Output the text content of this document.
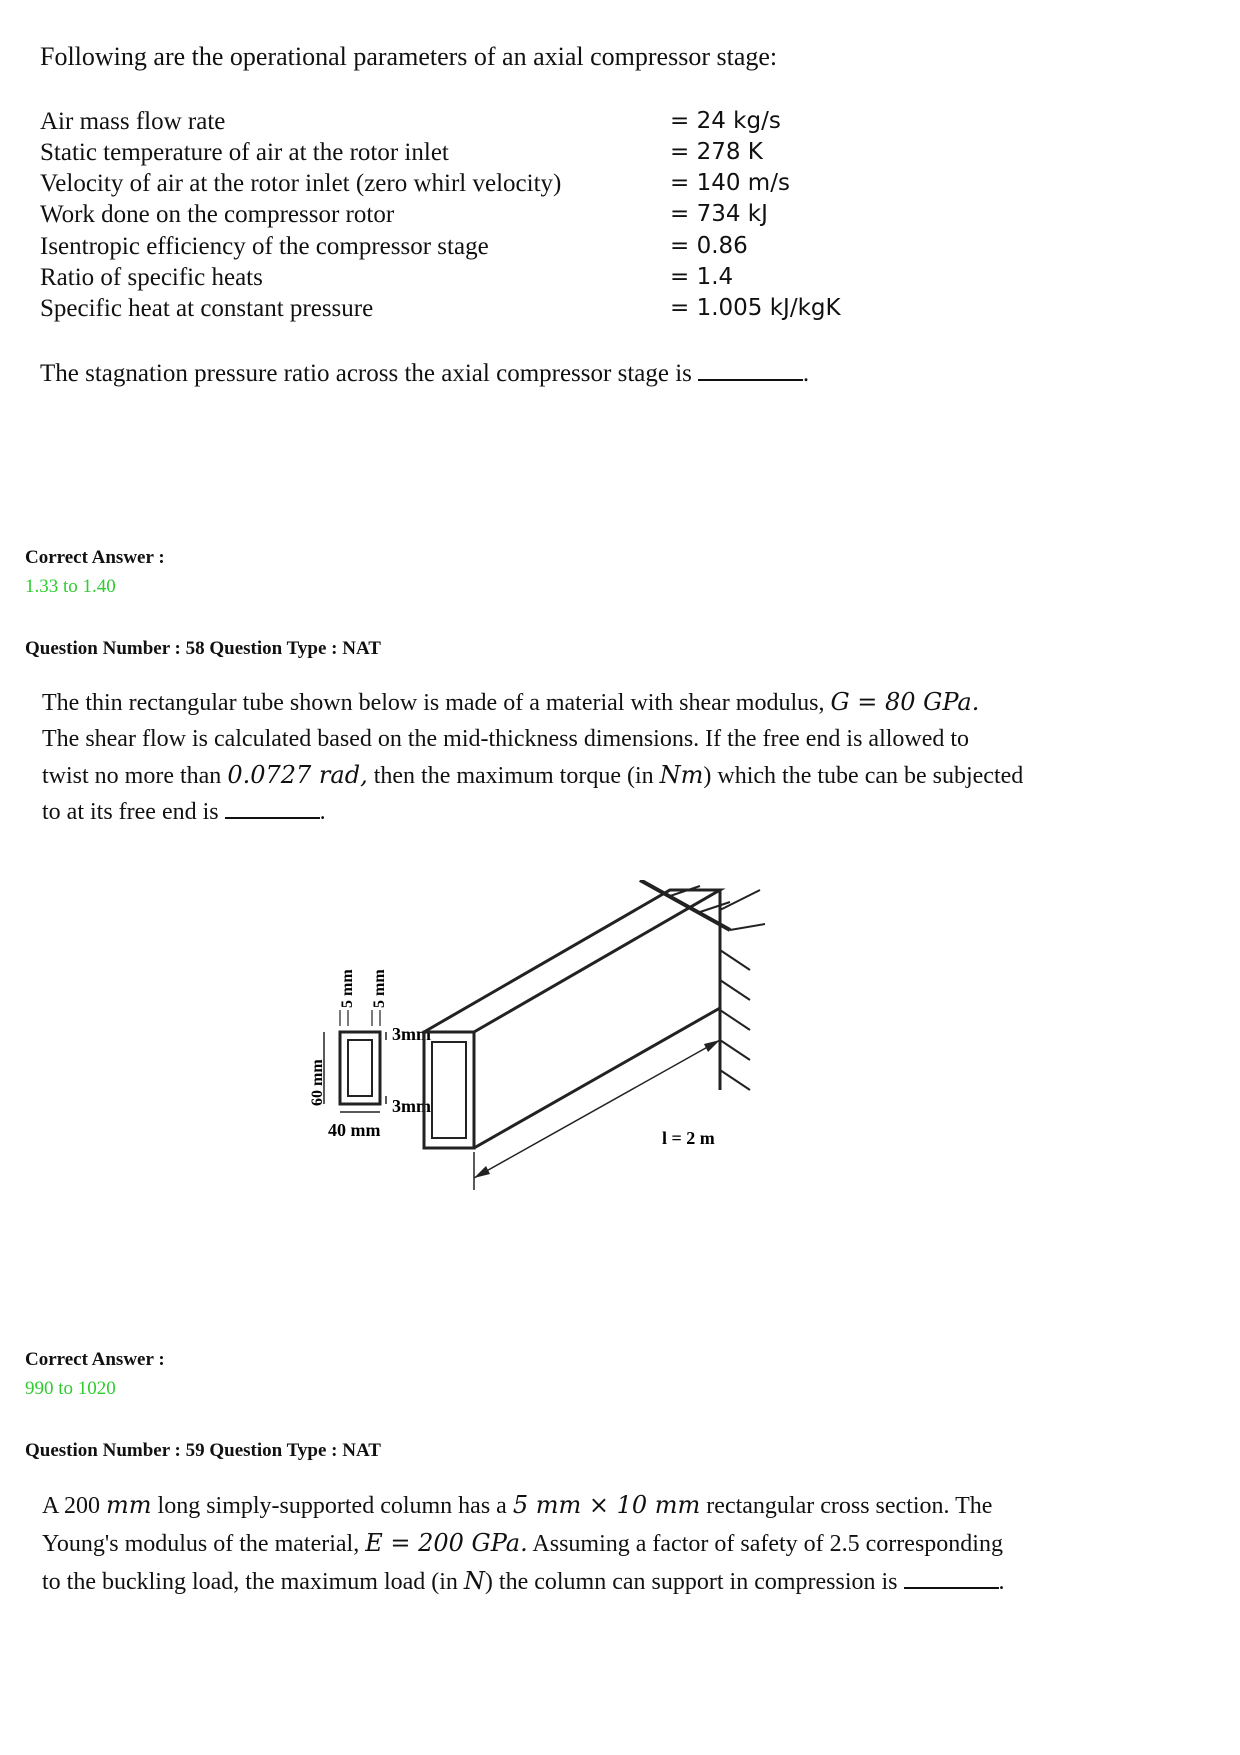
Following are the operational parameters of an axial compressor stage:
Air mass flow rate	= 24 kg/s
Static temperature of air at the rotor inlet	= 278 K
Velocity of air at the rotor inlet (zero whirl velocity)	= 140 m/s
Work done on the compressor rotor	= 734 kJ
Isentropic efficiency of the compressor stage	= 0.86
Ratio of specific heats	= 1.4
Specific heat at constant pressure	= 1.005 kJ/kgK
The stagnation pressure ratio across the axial compressor stage is	.
Correct Answer :
1.33 to 1.40
Question Number : 58 Question Type : NAT
The thin rectangular tube shown below is made of a material with shear modulus, G = 80 GPa.
The shear flow is calculated based on the mid-thickness dimensions. If the free end is allowed to
twist no more than 0.0727 rad, then the maximum torque (in Nm) which the tube can be subjected
to at its free end is	.
60 mm
40 mm
5 mm 5 mm
3mm
3mm
l = 2 m
Correct Answer :
990 to 1020
Question Number : 59 Question Type : NAT
A 200 mm long simply-supported column has a 5 mm × 10 mm rectangular cross section. The
Young's modulus of the material, E = 200 GPa. Assuming a factor of safety of 2.5 corresponding
to the buckling load, the maximum load (in N) the column can support in compression is	.
